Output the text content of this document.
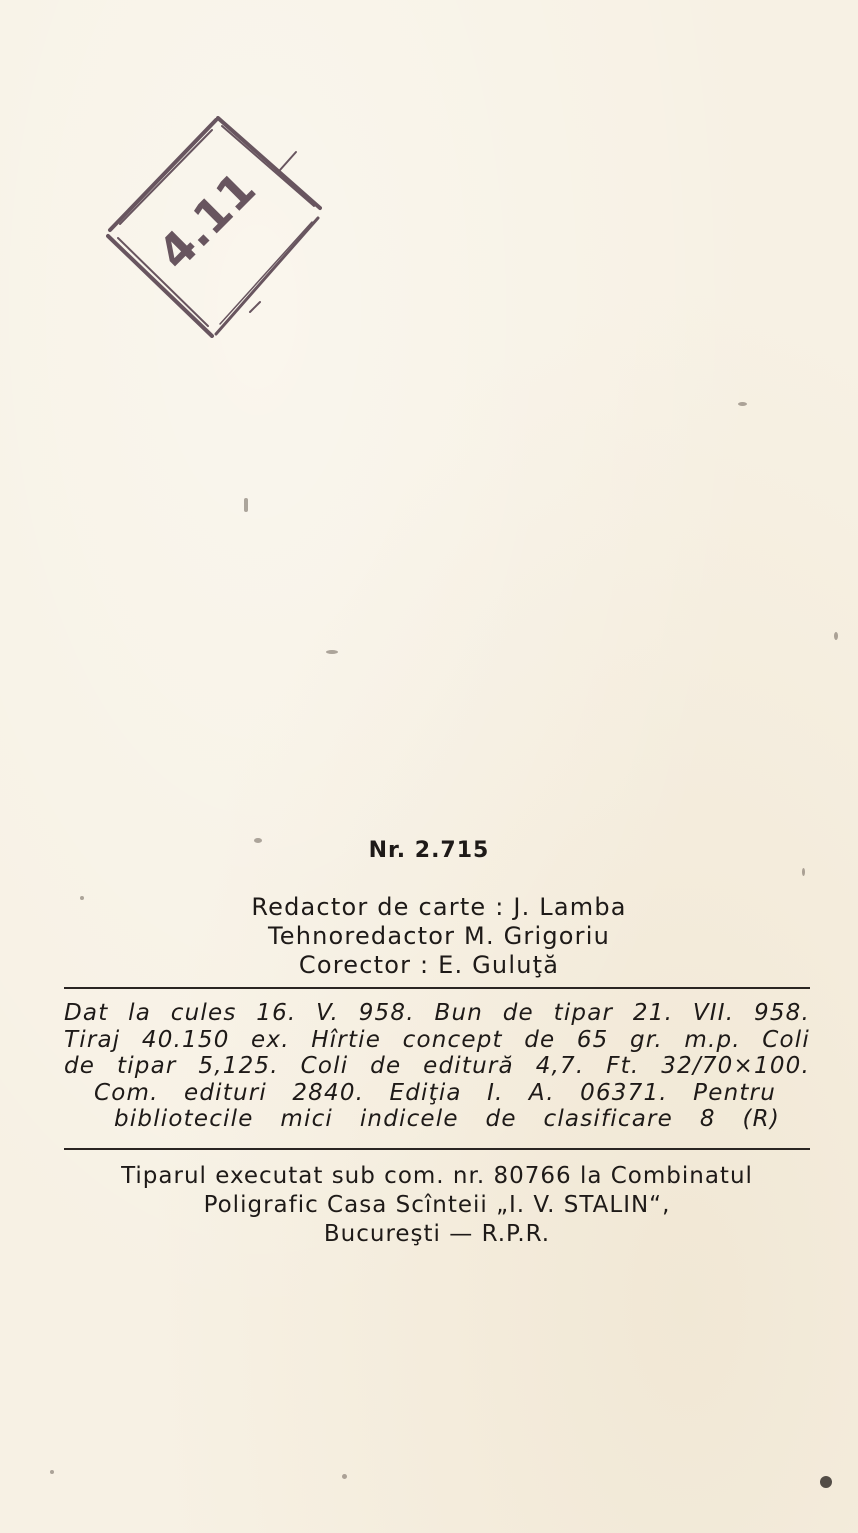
4.11
Nr. 2.715
Redactor de carte : J. Lamba
Tehnoredactor M. Grigoriu
Corector : E. Guluţă
Dat la cules 16. V. 958. Bun de tipar 21. VII. 958.
Tiraj 40.150 ex. Hîrtie concept de 65 gr. m.p. Coli
de tipar 5,125. Coli de editură 4,7. Ft. 32/70×100.
Com. edituri 2840. Ediţia I. A. 06371. Pentru
bibliotecile mici indicele de clasificare 8 (R)
Tiparul executat sub com. nr. 80766 la Combinatul
Poligrafic Casa Scînteii „I. V. STALIN“,
Bucureşti — R.P.R.
